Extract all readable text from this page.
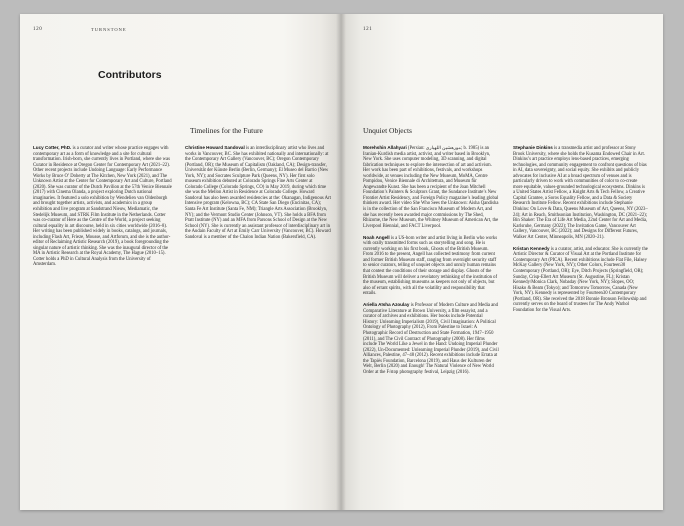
120	TURNSTONE
Contributors
Timelines for the Future

Lucy Cotter, PhD. is a curator and writer whose practice engages with contemporary art as a form of knowledge and a site for cultural transformation. Irish-born, she currently lives in Portland, where she was Curator in Residence at Oregon Center for Contemporary Art (2021–22). Other recent projects include Undoing Language: Early Performance Works by Bruce O’ Doherty at The Kitchen, New York (2021), and The Unknown Artist at the Center for Contemporary Art and Culture, Portland (2020). She was curator of the Dutch Pavilion at the 57th Venice Biennale (2017) with Cinema Olanda, a project exploring Dutch national imaginaries. It featured a solo exhibition by Wendelien van Oldenborgh and brought together artists, activists, and academics in a group exhibition and live program at Sandstrand Nieuw, Mediamatic, the Stedelijk Museum, and STRK Film Institute in the Netherlands. Cotter was co-curator of Here as the Centre of the World, a project seeking cultural equality in art discourse, held in six cities worldwide (2016–8). Her writing has been published widely in books, catalogs, and journals, including Flash Art, Frieze, Mousse, and Artforum, and she is the author-editor of Reclaiming Artistic Research (2019), a book foregrounding the singular nature of artistic thinking. She was the inaugural director of the MA in Artistic Research at the Royal Academy, The Hague (2010–15). Cotter holds a PhD in Cultural Analysis from the University of Amsterdam.

Christine Howard Sandoval is an interdisciplinary artist who lives and works in Vancouver, BC. She has exhibited nationally and internationally: at the Contemporary Art Gallery (Vancouver, BC); Oregon Contemporary (Portland, OR); the Museum of Capitalism (Oakland, CA); Design-transfer, Universität der Künste Berlin (Berlin, Germany); El Museo del Barrio (New York, NY); and Socrates Sculpture Park (Queens, NY). Her first solo museum exhibition debuted at Colorado Springs Fine Arts Center at Colorado College (Colorado Springs, CO) in May 2019, during which time she was the Mellon Artist in Residence at Colorado College. Howard Sandoval has also been awarded residencies at the: Okanagan, Indigenous Art Intensive program (Kelowna, BC); CA State San Diego (Encinitas, CA); Santa Fe Art Institute (Santa Fe, NM); Triangle Arts Association (Brooklyn, NY); and the Vermont Studio Center (Johnson, VT). She holds a BFA from Pratt Institute (NY) and an MFA from Parsons School of Design at the New School (NY). She is currently an assistant professor of interdisciplinary art in the Audain Faculty of Art at Emily Carr University (Vancouver, BC). Howard Sandoval is a member of the Chalon Indian Nation (Bakersfield, CA).

121
Unquiet Objects

Morehshin Allahyari (Persian: مورهشین اللهیاری; b. 1985) is an Iranian-Kurdish media artist, activist, and writer based in Brooklyn, New York. She uses computer modeling, 3D scanning, and digital fabrication techniques to explore the intersection of art and activism. Her work has been part of exhibitions, festivals, and workshops worldwide, at venues including the New Museum, MoMA, Centre Pompidou, Venice Biennale di Architettura, and Museum für Angewandte Kunst. She has been a recipient of the Joan Mitchell Foundation’s Painters & Sculptors Grant, the Sundance Institute’s New Frontier Artist Residency, and Foreign Policy magazine’s leading global thinkers award. Her video She Who Sees the Unknown: Aisha Qandisha is in the collection of the San Francisco Museum of Modern Art, and she has recently been awarded major commissions by The Shed, Rhizome, the New Museum, the Whitney Museum of American Art, the Liverpool Biennial, and FACT Liverpool.

Noah Angell is a US-born writer and artist living in Berlin who works with orally transmitted forms such as storytelling and song. He is currently working on his first book, Ghosts of the British Museum. From 2016 to the present, Angell has collected testimony from current and former British Museum staff, ranging from overnight security staff to senior curators, telling of unquiet objects and unruly human remains that contest the conditions of their storage and display. Ghosts of the British Museum will deliver a revelatory rethinking of the institution of the museum, establishing museums as keepers not only of objects, but also of errant spirits, with all the volatility and responsibility that entails.

Ariella Aïsha Azoulay is Professor of Modern Culture and Media and Comparative Literature at Brown University, a film essayist, and a curator of archives and exhibitions. Her books include Potential History: Unlearning Imperialism (2019), Civil Imagination: A Political Ontology of Photography (2012), From Palestine to Israel: A Photographic Record of Destruction and State Formation, 1947–1950 (2011), and The Civil Contract of Photography (2008). Her films include The World Like a Jewel in the Hand: Undoing Imperial Plunder (2022), Un-Documented: Unlearning Imperial Plunder (2019), and Civil Alliances, Palestine, 47–48 (2012). Recent exhibitions include Errata at the Tapiès Foundation, Barcelona (2019), and Haus der Kulturen der Welt, Berlin (2020) and Enough! The Natural Violence of New World Order at the F/stop photography festival, Leipzig (2016).

Stephanie Dinkins is a transmedia artist and professor at Stony Brook University, where she holds the Kusama Endowed Chair in Art. Dinkins’s art practice employs lens-based practices, emerging technologies, and community engagement to confront questions of bias in AI, data sovereignty, and social equity. She exhibits and publicly advocates for inclusive AI at a broad spectrum of venues and is particularly driven to work with communities of color to co-create more equitable, values-grounded technological ecosystems. Dinkins is a United States Artist Fellow, a Knight Arts & Tech Fellow, a Creative Capital Grantee, a Soros Equality Fellow, and a Data & Society Research Institute Fellow. Recent exhibitions include Stephanie Dinkins: On Love & Data, Queens Museum of Art, Queens, NY (2023–24); Art in Reach, Smithsonian Institution, Washington, DC (2021–22); Bin Shaker: The Era of Life Art Media, 22nd Center for Art and Media, Karlsruhe, Germany (2022); The Invitation Game, Vancouver Art Gallery, Vancouver, BC (2022); and Designs for Different Futures, Walker Art Center, Minneapolis, MN (2020–21).

Kristan Kennedy is a curator, artist, and educator. She is currently the Artistic Director & Curator of Visual Art at the Portland Institute for Contemporary Art (PICA). Recent exhibitions include Flat File, Halsey McKay Gallery (New York, NY); Other Colors, Fourteen30 Contemporary (Portland, OR); Eye, Ditch Projects (Springfield, OR); Sunday, Crisp-Ellert Art Museum (St. Augustine, FL); Kristan Kennedy/Monica Clark, Nobaday (New York, NY); Slopes, OO; Hisako & Beam (Tokyo); and Tomorrow Tomorrow, Canada (New York, NY). Kennedy is represented by Fourteen30 Contemporary (Portland, OR). She received the 2018 Bonnie Bronson Fellowship and currently serves on the board of trustees for The Andy Warhol Foundation for the Visual Arts.
